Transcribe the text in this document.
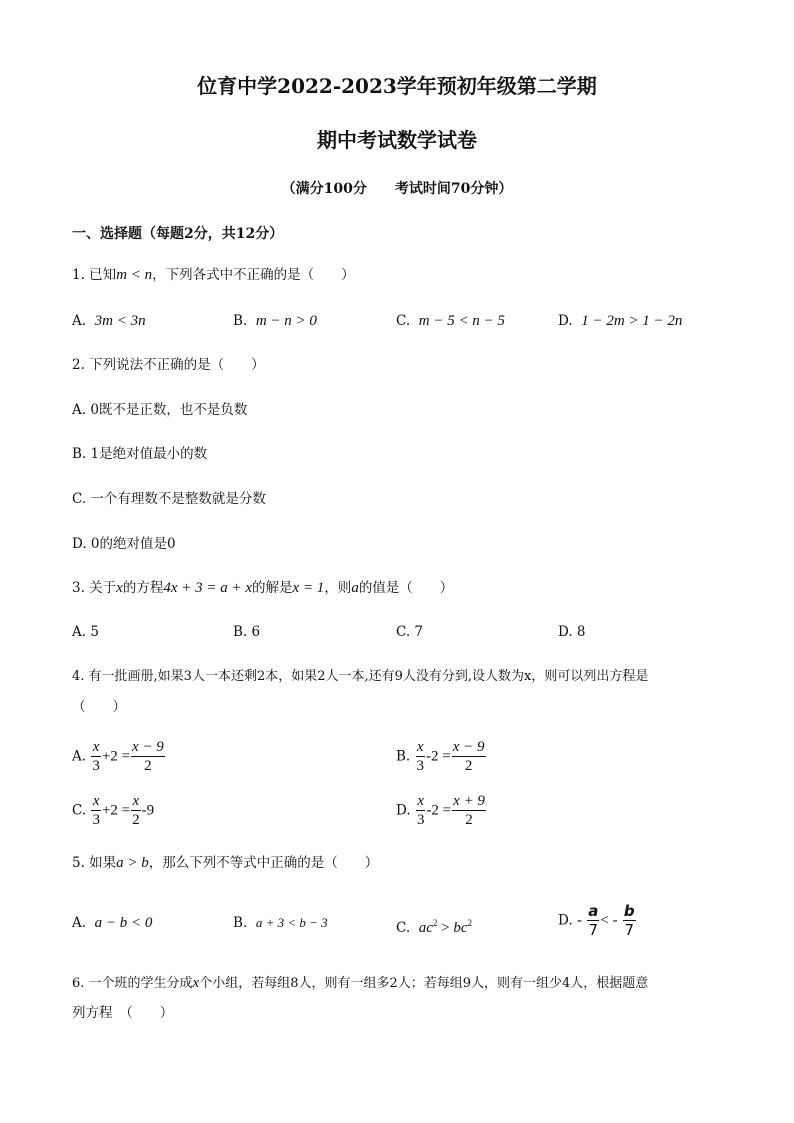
位育中学2022-2023学年预初年级第二学期
期中考试数学试卷
（满分100分 考试时间70分钟）
一、选择题（每题2分，共12分）
1. 已知m < n，下列各式中不正确的是（　　）
A. 3m < 3n	B. m − n > 0	C. m − 5 < n − 5	D. 1 − 2m > 1 − 2n
2. 下列说法不正确的是（　　）
A. 0既不是正数，也不是负数
B. 1是绝对值最小的数
C. 一个有理数不是整数就是分数
D. 0的绝对值是0
3. 关于x的方程4x + 3 = a + x的解是x = 1，则a的值是（　　）
A. 5	B. 6	C. 7	D. 8
4. 有一批画册,如果3人一本还剩2本，如果2人一本,还有9人没有分到,设人数为x，则可以列出方程是
（　　）
A. $\frac{x}{3} +2 = \frac{x - 9}{2}$	B. $\frac{x}{3} -2 = \frac{x - 9}{2}$
C. $\frac{x}{3} +2 = \frac{x}{2} -9$	D. $\frac{x}{3} -2 = \frac{x + 9}{2}$
5. 如果a > b，那么下列不等式中正确的是（　　）
A. a − b < 0	B. a + 3 < b − 3	C. $ac^2 > bc^2$	D. - $\frac{a}{7}$ < - $\frac{b}{7}$
6. 一个班的学生分成x个小组，若每组8人，则有一组多2人；若每组9人，则有一组少4人，根据题意
列方程　（　　）
